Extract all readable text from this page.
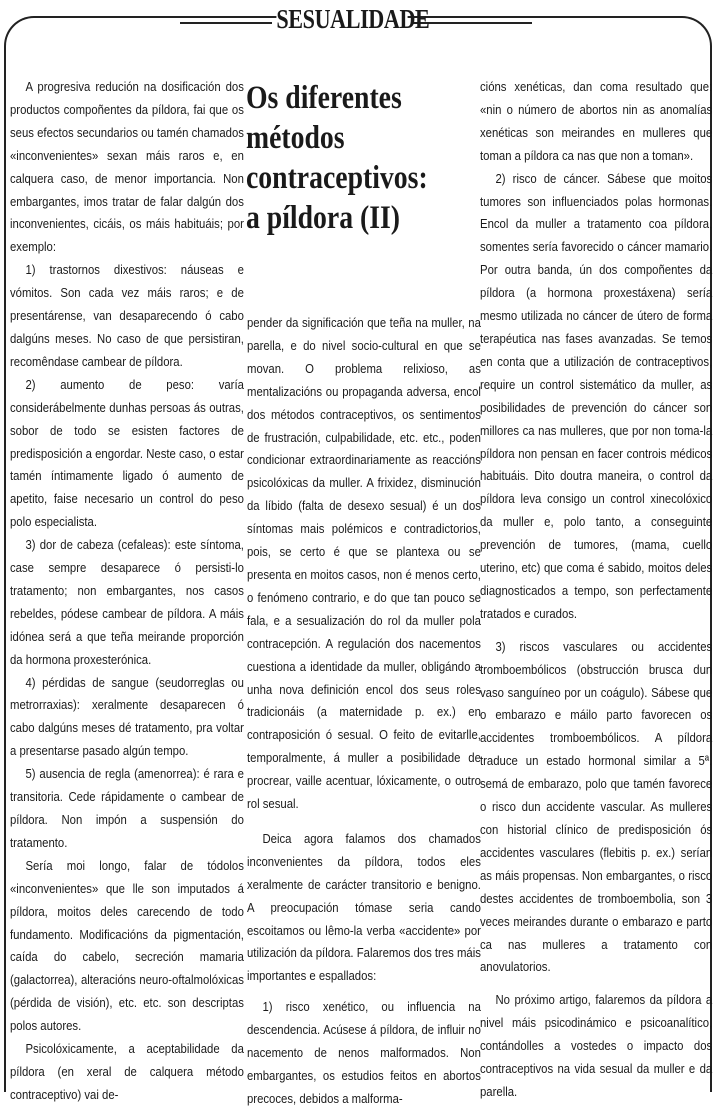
SESUALIDADE

A progresiva redución na dosificación dos productos compoñentes da píldora, fai que os seus efectos secundarios ou tamén chamados «inconvenientes» sexan máis raros e, en calquera caso, de menor importancia. Non embargantes, imos tratar de falar dalgún dos inconvenientes, cicáis, os máis habituáis; por exemplo:

1) trastornos dixestivos: náuseas e vómitos. Son cada vez máis raros; e de presentárense, van desaparecendo ó cabo dalgúns meses. No caso de que persistiran, recomêndase cambear de píldora.

2) aumento de peso: varía considerábelmente dunhas persoas ás outras, sobor de todo se esisten factores de predisposición a engordar. Neste caso, o estar tamén íntimamente ligado ó aumento de apetito, faise necesario un control do peso polo especialista.

3) dor de cabeza (cefaleas): este síntoma, case sempre desaparece ó persisti-lo tratamento; non embargantes, nos casos rebeldes, pódese cambear de píldora. A máis idónea será a que teña meirande proporción da hormona proxesterónica.

4) pérdidas de sangue (seudorreglas ou metrorraxias): xeralmente desaparecen ó cabo dalgúns meses dé tratamento, pra voltar a presentarse pasado algún tempo.

5) ausencia de regla (amenorrea): é rara e transitoria. Cede rápidamente o cambear de píldora. Non impón a suspensión do tratamento.

Sería moi longo, falar de tódolos «inconvenientes» que lle son imputados á píldora, moitos deles carecendo de todo fundamento. Modificacións da pigmentación, caída do cabelo, secreción mamaria (galactorrea), alteracións neuro-oftalmolóxicas (pérdida de visión), etc. etc. son descriptas polos autores.

Psicolóxicamente, a aceptabilidade da píldora (en xeral de calquera método contraceptivo) vai de-

Os diferentes
métodos
contraceptivos:
a píldora (II)

pender da significación que teña na muller, na parella, e do nivel socio-cultural en que se movan. O problema relixioso, as mentalizacións ou propaganda adversa, encol dos métodos contraceptivos, os sentimentos de frustración, culpabilidade, etc. etc., poden condicionar extraordinariamente as reaccións psicolóxicas da muller. A frixidez, disminución da líbido (falta de desexo sesual) é un dos síntomas mais polémicos e contradictorios, pois, se certo é que se plantexa ou se presenta en moitos casos, non é menos certo, o fenómeno contrario, e do que tan pouco se fala, e a sesualización do rol da muller pola contracepción. A regulación dos nacementos cuestiona a identidade da muller, obligándo a unha nova definición encol dos seus roles tradicionáis (a maternidade p. ex.) en contraposición ó sesual. O feito de evitarlle, temporalmente, á muller a posibilidade de procrear, vaille acentuar, lóxicamente, o outro rol sesual.

Deica agora falamos dos chamados inconvenientes da píldora, todos eles xeralmente de carácter transitorio e benigno. A preocupación tómase seria cando escoitamos ou lêmo-la verba «accidente» por utilización da píldora. Falaremos dos tres máis importantes e espallados:

1) risco xenético, ou influencia na descendencia. Acúsese á píldora, de influir no nacemento de nenos malformados. Non embargantes, os estudios feitos en abortos precoces, debidos a malforma-

cións xenéticas, dan coma resultado que: «nin o número de abortos nin as anomalías xenéticas son meirandes en mulleres que toman a píldora ca nas que non a toman».

2) risco de cáncer. Sábese que moitos tumores son influenciados polas hormonas. Encol da muller a tratamento coa píldora, somentes sería favorecido o cáncer mamario. Por outra banda, ún dos compoñentes da píldora (a hormona proxestáxena) sería mesmo utilizada no cáncer de útero de forma terapéutica nas fases avanzadas. Se temos en conta que a utilización de contraceptivos, require un control sistemático da muller, as posibilidades de prevención do cáncer son millores ca nas mulleres, que por non toma-la píldora non pensan en facer controis médicos habituáis. Dito doutra maneira, o control da píldora leva consigo un control xinecolóxico da muller e, polo tanto, a conseguinte prevención de tumores, (mama, cuello uterino, etc) que coma é sabido, moitos deles diagnosticados a tempo, son perfectamente tratados e curados.

3) riscos vasculares ou accidentes tromboembólicos (obstrucción brusca dun vaso sanguíneo por un coágulo). Sábese que o embarazo e máilo parto favorecen os accidentes tromboembólicos. A píldora traduce un estado hormonal similar a 5ª. semá de embarazo, polo que tamén favorece o risco dun accidente vascular. As mulleres con historial clínico de predisposición ós accidentes vasculares (flebitis p. ex.) serían as máis propensas. Non embargantes, o risco destes accidentes de tromboembolia, son 3 veces meirandes durante o embarazo e parto ca nas mulleres a tratamento con anovulatorios.

No próximo artigo, falaremos da píldora a nivel máis psicodinámico e psicoanalítico, contándolles a vostedes o impacto dos contraceptivos na vida sesual da muller e da parella.
